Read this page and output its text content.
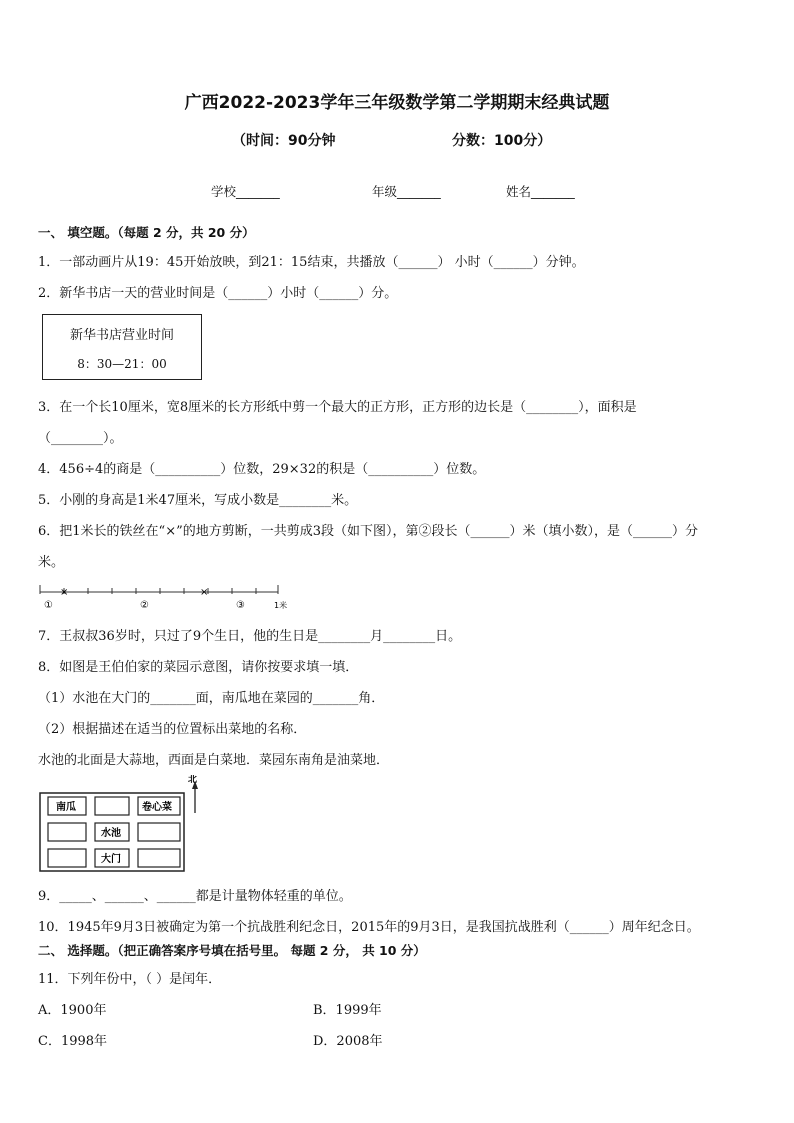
广西2022-2023学年三年级数学第二学期期末经典试题
（时间：90分钟	分数：100分）
学校_______	年级_______	姓名_______
一、 填空题。（每题 2 分，共 20 分）
1．一部动画片从19：45开始放映，到21：15结束，共播放（______） 小时（______）分钟。
2．新华书店一天的营业时间是（______）小时（______）分。
新华书店营业时间
8：30—21：00
3．在一个长10厘米，宽8厘米的长方形纸中剪一个最大的正方形，正方形的边长是（________），面积是
（________）。
4．456÷4的商是（__________）位数，29×32的积是（__________）位数。
5．小刚的身高是1米47厘米，写成小数是________米。
6．把1米长的铁丝在“×”的地方剪断，一共剪成3段（如下图），第②段长（______）米（填小数），是（______）分
米。
×	×
①	②	③	1米
7．王叔叔36岁时，只过了9个生日，他的生日是________月________日。
8．如图是王伯伯家的菜园示意图，请你按要求填一填．
（1）水池在大门的_______面，南瓜地在菜园的_______角．
（2）根据描述在适当的位置标出菜地的名称．
水池的北面是大蒜地，西面是白菜地．菜园东南角是油菜地．
北
南瓜	卷心菜
水池
大门
9．_____、______、______都是计量物体轻重的单位。
10．1945年9月3日被确定为第一个抗战胜利纪念日，2015年的9月3日，是我国抗战胜利（______）周年纪念日。
二、 选择题。（把正确答案序号填在括号里。 每题 2 分， 共 10 分）
11．下列年份中，（ ）是闰年．
A．1900年	B．1999年
C．1998年	D．2008年
